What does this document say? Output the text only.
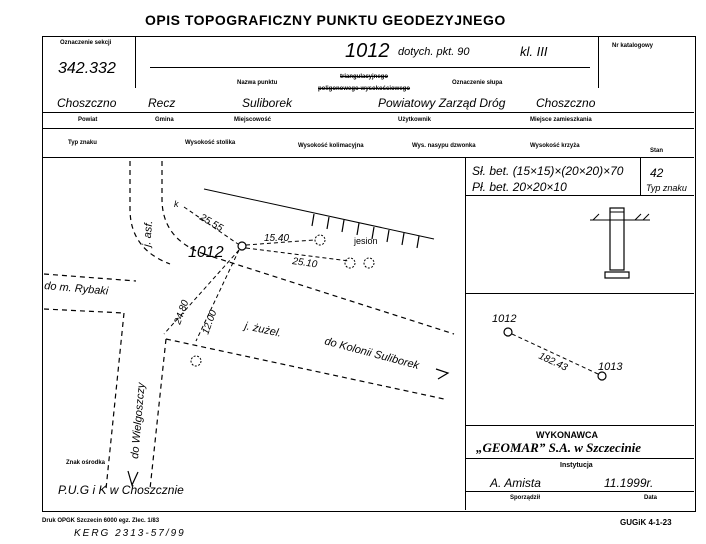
OPIS TOPOGRAFICZNY PUNKTU GEODEZYJNEGO
Oznaczenie sekcji
342.332
Nr katalogowy
1012 dotych. pkt. 90	kl. III
Nazwa punktu
triangulacyjnego
poligonowego-wysokościowego
Oznaczenie słupa
Choszczno	Recz	Suliborek	Powiatowy Zarząd Dróg	Choszczno
Powiat	Gmina	Miejscowość	Użytkownik	Miejsce zamieszkania
Typ znaku	Wysokość stolika	Wysokość kolimacyjna	Wys. nasypu dzwonka	Wysokość krzyża
Stan
Sł. bet. (15×15)×(20×20)×70
Pł. bet. 20×20×10
42
Typ znaku
1012
1013
182.43
WYKONAWCA
„GEOMAR” S.A. w Szczecinie
Instytucja
A. Amista	11.1999r.
Sporządził	Data
k
25.55
15.40
25.10
24.80 12.00
1012
jesion
j. asf.
j. żużel.
do m. Rybaki
do Kolonii Suliborek
do Wielgoszczy
Znak ośrodka
P.U.G i K w Choszcznie
Druk OPGK Szczecin 6000 egz. Zlec. 1/83
KERG 2313-57/99
GUGiK 4-1-23
